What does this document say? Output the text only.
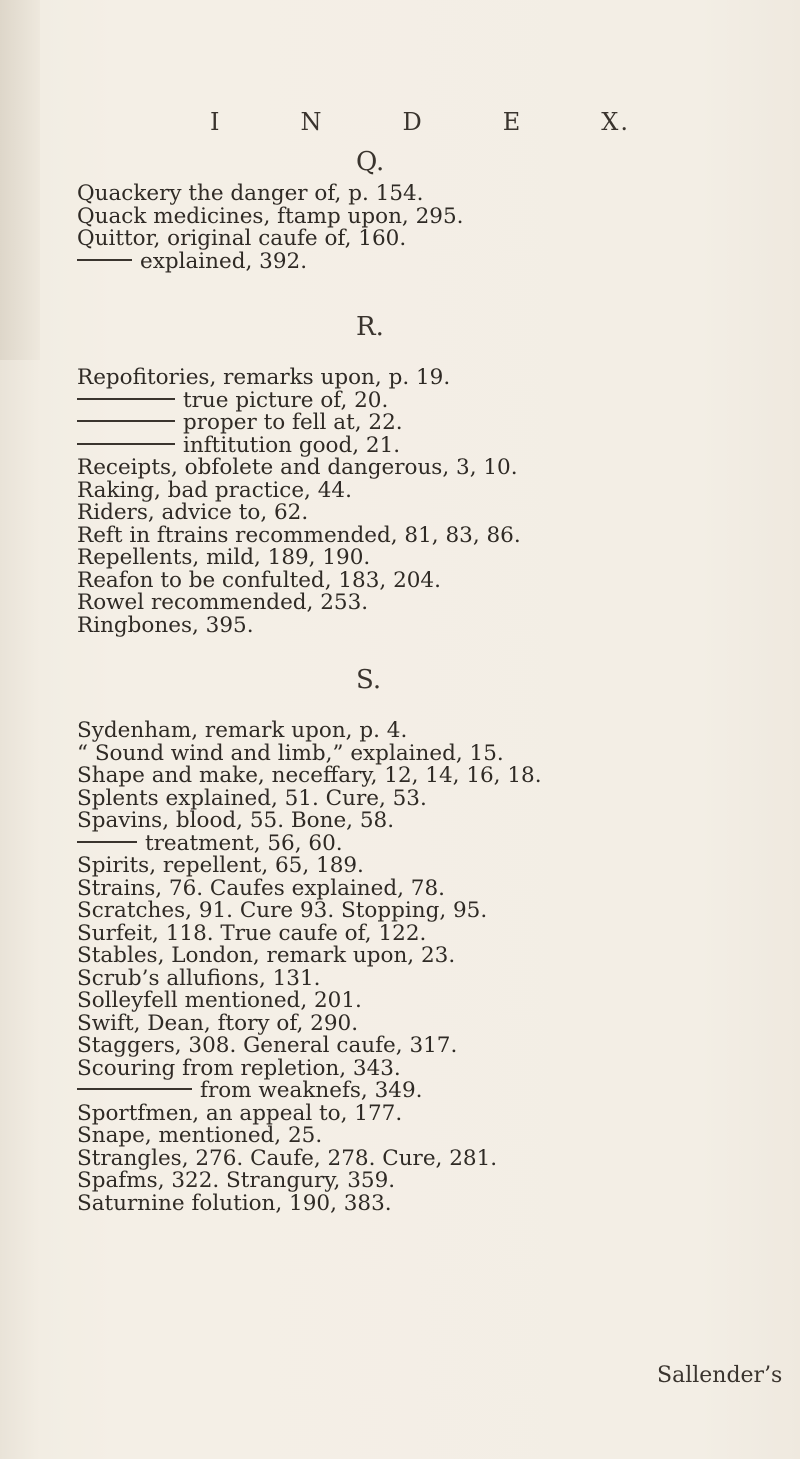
I	N	D	E	X.
Q.
Quackery the danger of, p. 154.
Quack medicines, ftamp upon, 295.
Quittor, original caufe of, 160.
explained, 392.
R.
Repofitories, remarks upon, p. 19.
true picture of, 20.
proper to fell at, 22.
inftitution good, 21.
Receipts, obfolete and dangerous, 3, 10.
Raking, bad practice, 44.
Riders, advice to, 62.
Reft in ftrains recommended, 81, 83, 86.
Repellents, mild, 189, 190.
Reafon to be confulted, 183, 204.
Rowel recommended, 253.
Ringbones, 395.
S.
Sydenham, remark upon, p. 4.
“ Sound wind and limb,” explained, 15.
Shape and make, neceffary, 12, 14, 16, 18.
Splents explained, 51. Cure, 53.
Spavins, blood, 55. Bone, 58.
treatment, 56, 60.
Spirits, repellent, 65, 189.
Strains, 76. Caufes explained, 78.
Scratches, 91. Cure 93. Stopping, 95.
Surfeit, 118. True caufe of, 122.
Stables, London, remark upon, 23.
Scrub’s allufions, 131.
Solleyfell mentioned, 201.
Swift, Dean, ftory of, 290.
Staggers, 308. General caufe, 317.
Scouring from repletion, 343.
from weaknefs, 349.
Sportfmen, an appeal to, 177.
Snape, mentioned, 25.
Strangles, 276. Caufe, 278. Cure, 281.
Spafms, 322. Strangury, 359.
Saturnine folution, 190, 383.
Sallender’s
